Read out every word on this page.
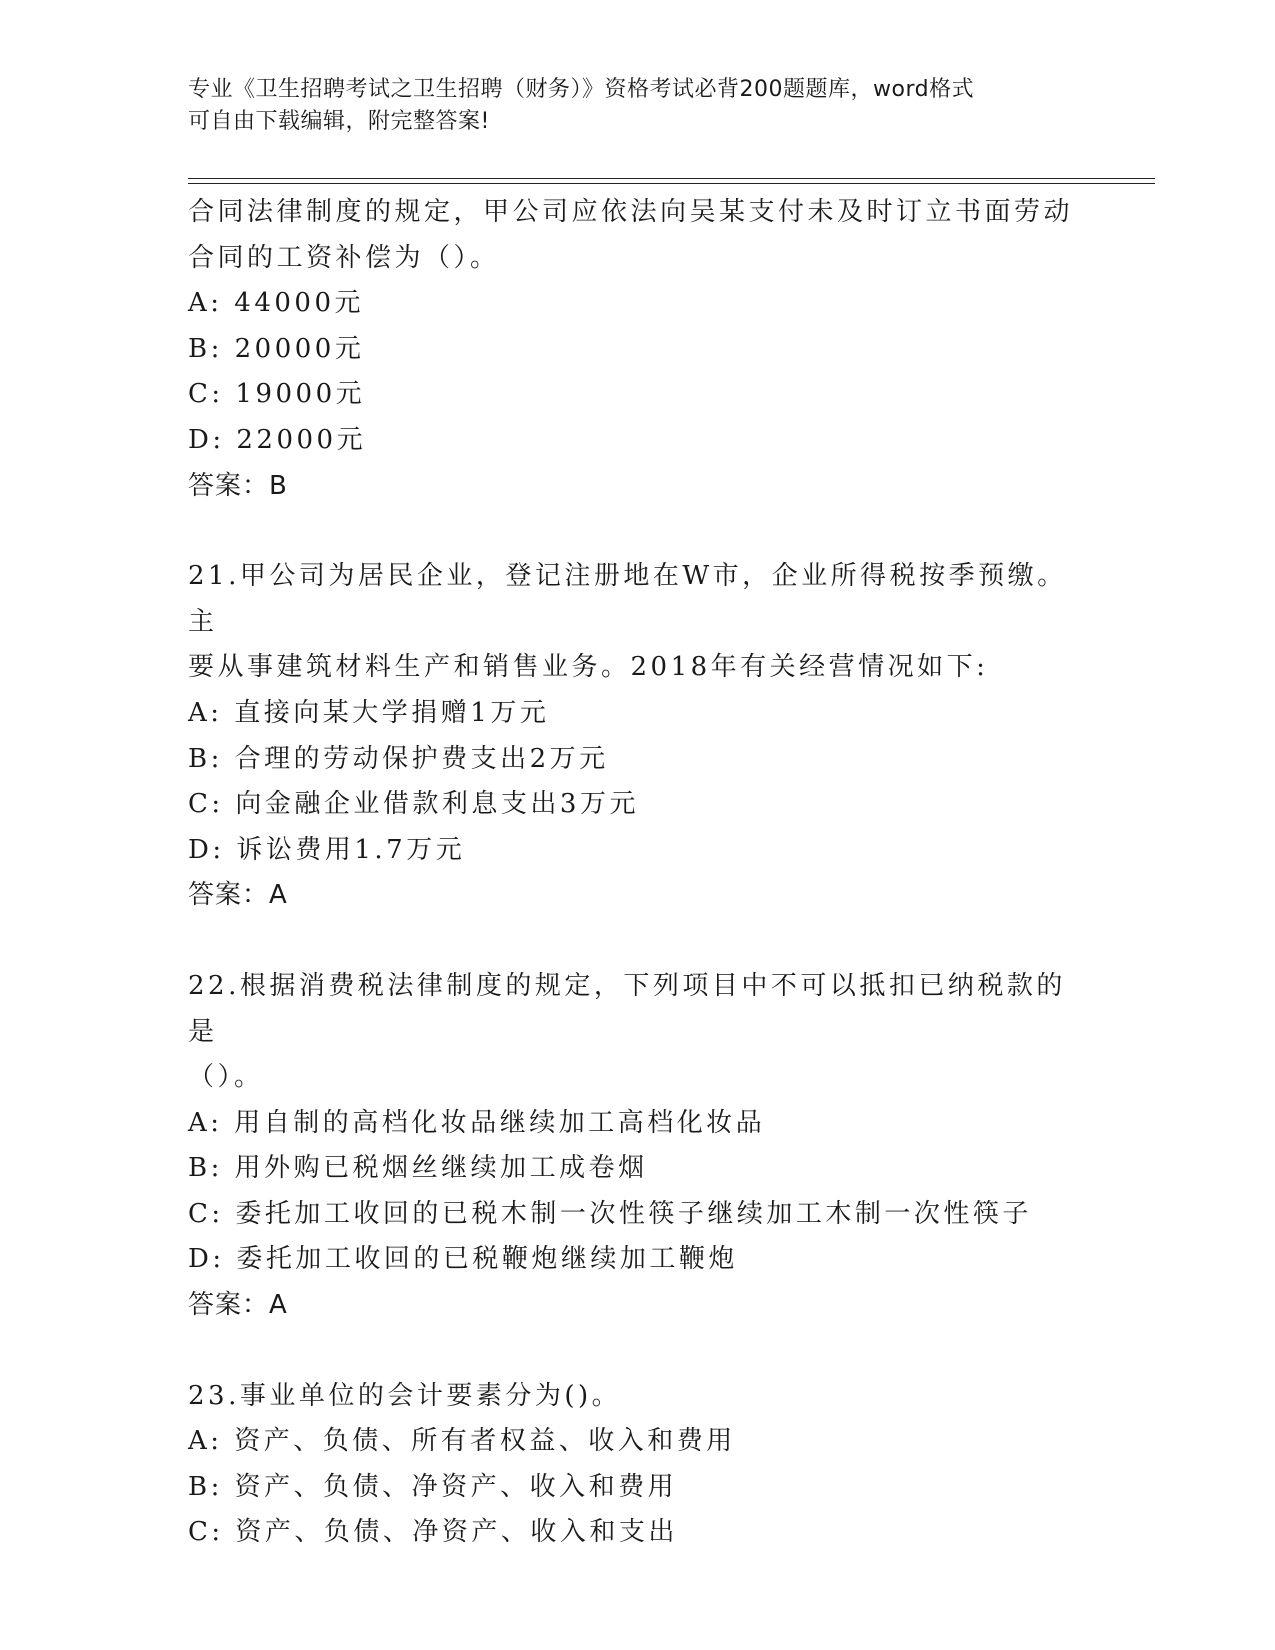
专业《卫生招聘考试之卫生招聘（财务）》资格考试必背200题题库，word格式
可自由下载编辑，附完整答案!

合同法律制度的规定，甲公司应依法向吴某支付未及时订立书面劳动

合同的工资补偿为（）。

A: 44000元

B: 20000元

C: 19000元

D: 22000元

答案：B

21.甲公司为居民企业，登记注册地在W市，企业所得税按季预缴。主

要从事建筑材料生产和销售业务。2018年有关经营情况如下:

A: 直接向某大学捐赠1万元

B: 合理的劳动保护费支出2万元

C: 向金融企业借款利息支出3万元

D: 诉讼费用1.7万元

答案：A

22.根据消费税法律制度的规定，下列项目中不可以抵扣已纳税款的是

（）。

A: 用自制的高档化妆品继续加工高档化妆品

B: 用外购已税烟丝继续加工成卷烟

C: 委托加工收回的已税木制一次性筷子继续加工木制一次性筷子

D: 委托加工收回的已税鞭炮继续加工鞭炮

答案：A

23.事业单位的会计要素分为()。

A: 资产、负债、所有者权益、收入和费用

B: 资产、负债、净资产、收入和费用

C: 资产、负债、净资产、收入和支出
